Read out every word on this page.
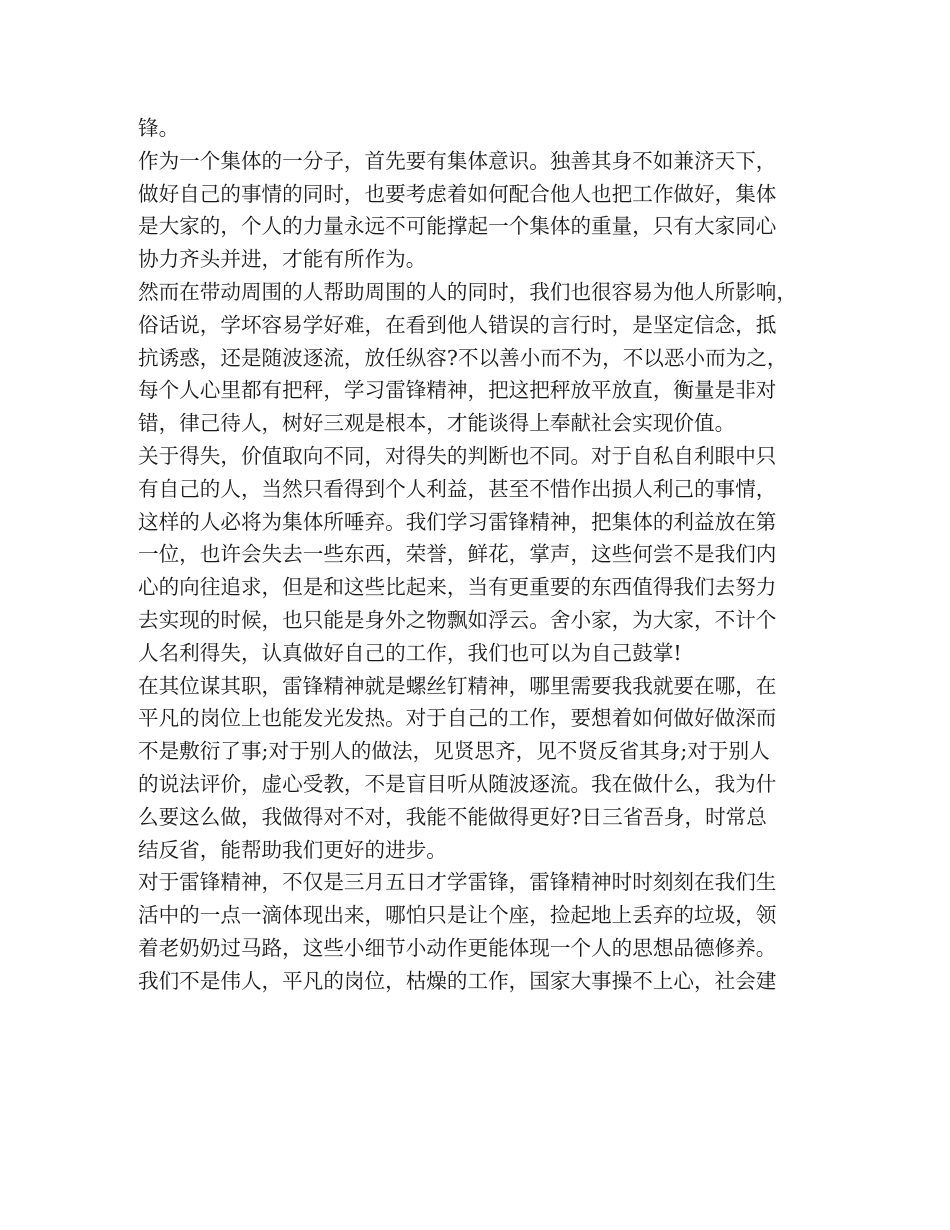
锋。
作为一个集体的一分子，首先要有集体意识。独善其身不如兼济天下，
做好自己的事情的同时，也要考虑着如何配合他人也把工作做好，集体
是大家的，个人的力量永远不可能撑起一个集体的重量，只有大家同心
协力齐头并进，才能有所作为。
然而在带动周围的人帮助周围的人的同时，我们也很容易为他人所影响，
俗话说，学坏容易学好难，在看到他人错误的言行时，是坚定信念，抵
抗诱惑，还是随波逐流，放任纵容?不以善小而不为，不以恶小而为之，
每个人心里都有把秤，学习雷锋精神，把这把秤放平放直，衡量是非对
错，律己待人，树好三观是根本，才能谈得上奉献社会实现价值。
关于得失，价值取向不同，对得失的判断也不同。对于自私自利眼中只
有自己的人，当然只看得到个人利益，甚至不惜作出损人利己的事情，
这样的人必将为集体所唾弃。我们学习雷锋精神，把集体的利益放在第
一位，也许会失去一些东西，荣誉，鲜花，掌声，这些何尝不是我们内
心的向往追求，但是和这些比起来，当有更重要的东西值得我们去努力
去实现的时候，也只能是身外之物飘如浮云。舍小家，为大家，不计个
人名利得失，认真做好自己的工作，我们也可以为自己鼓掌!
在其位谋其职，雷锋精神就是螺丝钉精神，哪里需要我我就要在哪，在
平凡的岗位上也能发光发热。对于自己的工作，要想着如何做好做深而
不是敷衍了事;对于别人的做法，见贤思齐，见不贤反省其身;对于别人
的说法评价，虚心受教，不是盲目听从随波逐流。我在做什么，我为什
么要这么做，我做得对不对，我能不能做得更好?日三省吾身，时常总
结反省，能帮助我们更好的进步。
对于雷锋精神，不仅是三月五日才学雷锋，雷锋精神时时刻刻在我们生
活中的一点一滴体现出来，哪怕只是让个座，捡起地上丢弃的垃圾，领
着老奶奶过马路，这些小细节小动作更能体现一个人的思想品德修养。
我们不是伟人，平凡的岗位，枯燥的工作，国家大事操不上心，社会建
